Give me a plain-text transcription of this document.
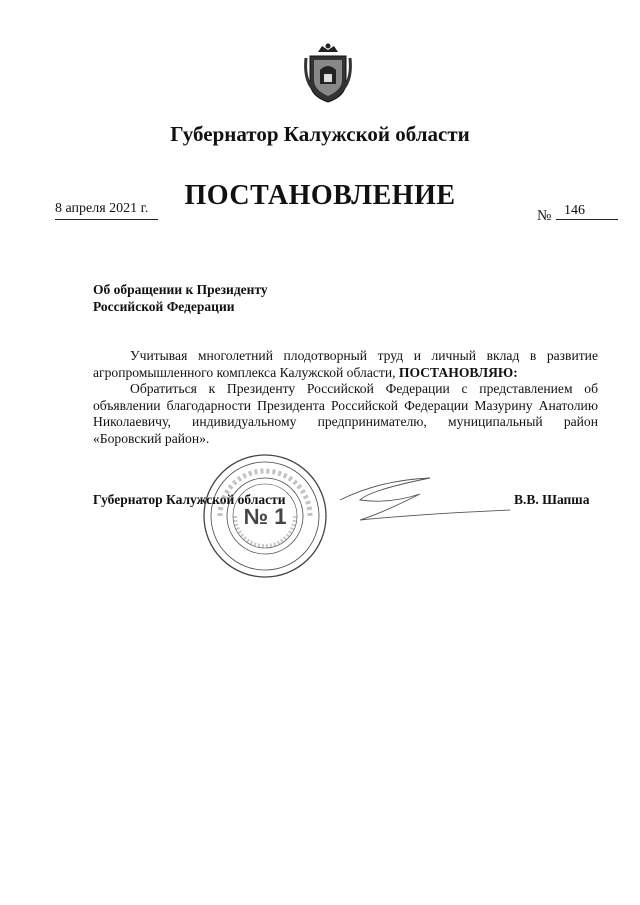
Губернатор Калужской области
ПОСТАНОВЛЕНИЕ
8 апреля 2021 г.	№ 146
Об обращении к Президенту
Российской Федерации

Учитывая многолетний плодотворный труд и личный вклад в развитие агропромышленного комплекса Калужской области, ПОСТАНОВЛЯЮ:

Обратиться к Президенту Российской Федерации с представлением об объявлении благодарности Президента Российской Федерации Мазурину Анатолию Николаевичу, индивидуальному предпринимателю, муниципальный район «Боровский район».

Губернатор Калужской области	В.В. Шапша
№ 1
